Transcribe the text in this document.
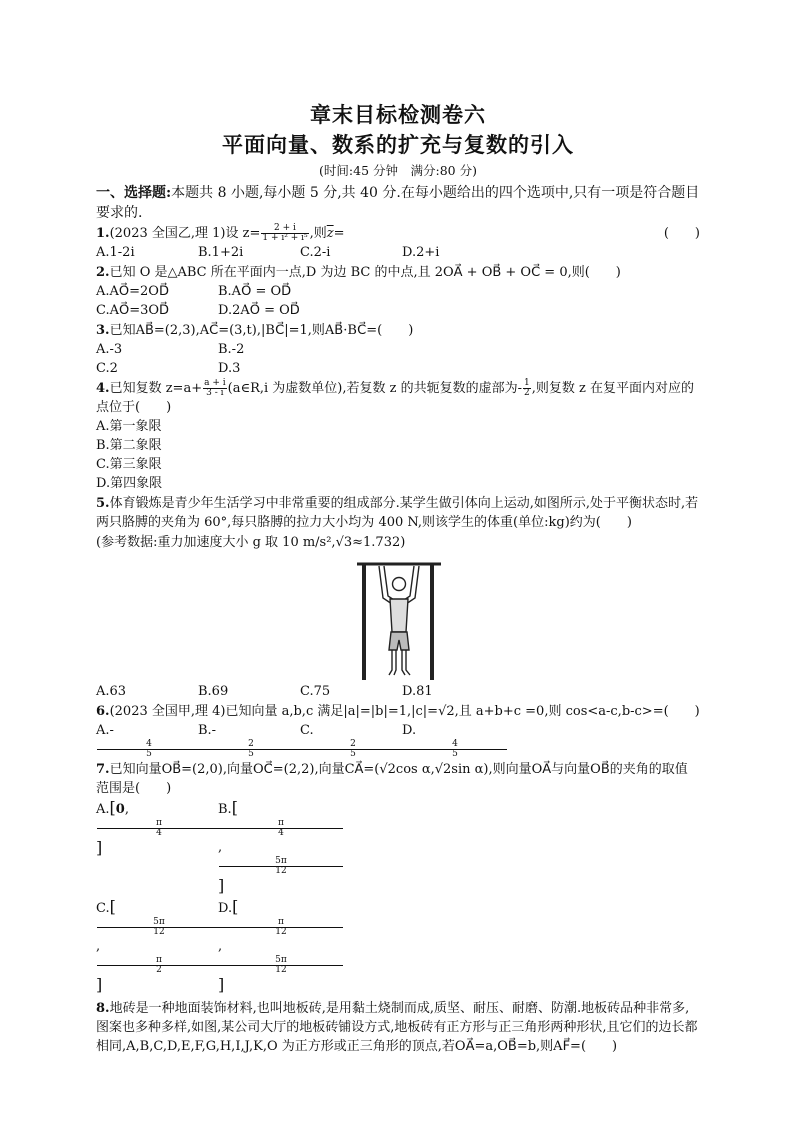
章末目标检测卷六
平面向量、数系的扩充与复数的引入
(时间:45 分钟　满分:80 分)
一、选择题:本题共 8 小题,每小题 5 分,共 40 分.在每小题给出的四个选项中,只有一项是符合题目要求的.
(　　)
1.(2023 全国乙,理 1)设 $z= \frac{2 + i}{\text{1 + i² + i⁵}}$ ,则$\overline{z}=$
A.1-2i	B.1+2i	C.2-i	D.2+i
2.已知 O 是△ABC 所在平面内一点,D 为边 BC 的中点,且 2OA⃗ + OB⃗ + OC⃗ = 0,则(　　)
A.AO⃗=2OD⃗	B.AO⃗ = OD⃗
C.AO⃗=3OD⃗	D.2AO⃗ = OD⃗
3.已知AB⃗=(2,3),AC⃗=(3,t),|BC⃗|=1,则AB⃗·BC⃗=(　　)
A.-3	B.-2
C.2	D.3
4.已知复数 $z=a+ \frac{a + i}{3 - i}$ (a∈R,i 为虚数单位),若复数 z 的共轭复数的虚部为- $\frac{1}{2}$ ,则复数 z 在复平面内对应的点位于(　　)
A.第一象限
B.第二象限
C.第三象限
D.第四象限
5.体育锻炼是青少年生活学习中非常重要的组成部分.某学生做引体向上运动,如图所示,处于平衡状态时,若两只胳膊的夹角为 60°,每只胳膊的拉力大小均为 400 N,则该学生的体重(单位:kg)约为(　　)
(参考数据:重力加速度大小 g 取 10 m/s²,√3≈1.732)
A.63	B.69	C.75	D.81
6.(2023 全国甲,理 4)已知向量 a,b,c 满足|a|=|b|=1,|c|=√2,且 a+b+c =0,则 cos<a-c,b-c>=(　　)
A.-
$\frac{4}{5}$
B.-
$\frac{2}{5}$
C.
$\frac{2}{5}$
D.
$\frac{4}{5}$
7.已知向量OB⃗=(2,0),向量OC⃗=(2,2),向量CA⃗=(√2cos α,√2sin α),则向量OA⃗与向量OB⃗的夹角的取值范围是(　　)
A.[0,
$\frac{\pi}{4}$
]
B.[
$\frac{\pi}{4}$
,
$\frac{5\pi}{12}$
]
C.[
$\frac{5\pi}{12}$
,
$\frac{\pi}{2}$
]
D.[
$\frac{\pi}{12}$
,
$\frac{5\pi}{12}$
]
8.地砖是一种地面装饰材料,也叫地板砖,是用黏土烧制而成,质坚、耐压、耐磨、防潮.地板砖品种非常多,图案也多种多样,如图,某公司大厅的地板砖铺设方式,地板砖有正方形与正三角形两种形状,且它们的边长都相同,A,B,C,D,E,F,G,H,I,J,K,O 为正方形或正三角形的顶点,若OA⃗=a,OB⃗=b,则AF⃗=(　　)
